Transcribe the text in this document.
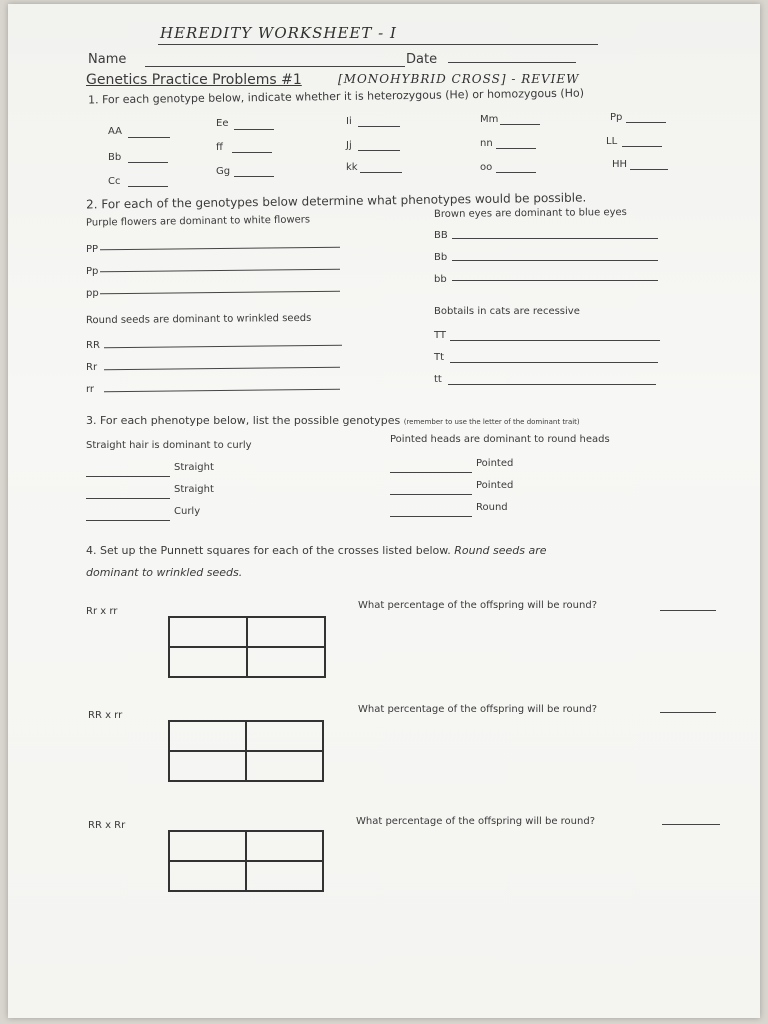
HEREDITY WORKSHEET - I
Name	Date
Genetics Practice Problems #1	[MONOHYBRID CROSS] - REVIEW
1. For each genotype below, indicate whether it is heterozygous (He) or homozygous (Ho)
AA
Bb
Cc
Ee
ff
Gg
Ii
Jj
kk
Mm
nn
oo
Pp
LL
HH
2. For each of the genotypes below determine what phenotypes would be possible.
Purple flowers are dominant to white flowers
PP
Pp
pp
Brown eyes are dominant to blue eyes
BB
Bb
bb
Round seeds are dominant to wrinkled seeds
RR
Rr
rr
Bobtails in cats are recessive
TT
Tt
tt
3. For each phenotype below, list the possible genotypes (remember to use the letter of the dominant trait)
Straight hair is dominant to curly
Straight
Straight
Curly
Pointed heads are dominant to round heads
Pointed
Pointed
Round
4. Set up the Punnett squares for each of the crosses listed below. Round seeds are
dominant to wrinkled seeds.
Rr x rr
What percentage of the offspring will be round?
RR x rr
What percentage of the offspring will be round?
RR x Rr	What percentage of the offspring will be round?
